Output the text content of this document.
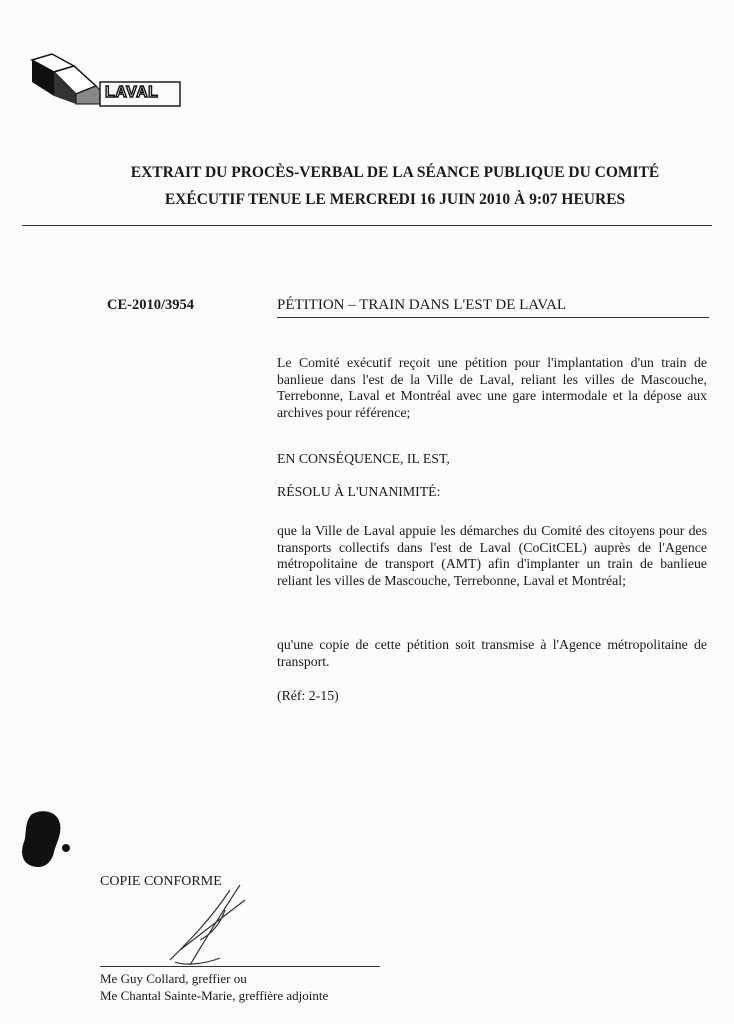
LAVAL
EXTRAIT DU PROCÈS-VERBAL DE LA SÉANCE PUBLIQUE DU COMITÉ
EXÉCUTIF TENUE LE MERCREDI 16 JUIN 2010 À 9:07 HEURES
CE-2010/3954	PÉTITION – TRAIN DANS L'EST DE LAVAL
Le Comité exécutif reçoit une pétition pour l'implantation d'un train de banlieue dans l'est de la Ville de Laval, reliant les villes de Mascouche, Terrebonne, Laval et Montréal avec une gare intermodale et la dépose aux archives pour référence;
EN CONSÉQUENCE, IL EST,
RÉSOLU À L'UNANIMITÉ:
que la Ville de Laval appuie les démarches du Comité des citoyens pour des transports collectifs dans l'est de Laval (CoCitCEL) auprès de l'Agence métropolitaine de transport (AMT) afin d'implanter un train de banlieue reliant les villes de Mascouche, Terrebonne, Laval et Montréal;
qu'une copie de cette pétition soit transmise à l'Agence métropolitaine de transport.
(Réf: 2-15)
COPIE CONFORME
Me Guy Collard, greffier ou
Me Chantal Sainte-Marie, greffière adjointe
